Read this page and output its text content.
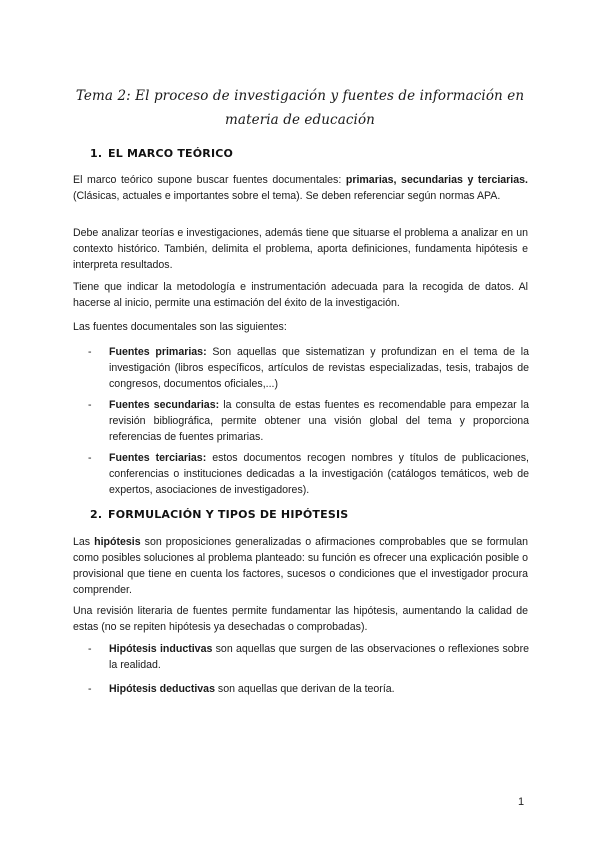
Tema 2: El proceso de investigación y fuentes de información en materia de educación
1. EL MARCO TEÓRICO
El marco teórico supone buscar fuentes documentales: primarias, secundarias y terciarias. (Clásicas, actuales e importantes sobre el tema). Se deben referenciar según normas APA.
Debe analizar teorías e investigaciones, además tiene que situarse el problema a analizar en un contexto histórico. También, delimita el problema, aporta definiciones, fundamenta hipótesis e interpreta resultados.
Tiene que indicar la metodología e instrumentación adecuada para la recogida de datos. Al hacerse al inicio, permite una estimación del éxito de la investigación.
Las fuentes documentales son las siguientes:
- Fuentes primarias: Son aquellas que sistematizan y profundizan en el tema de la investigación (libros específicos, artículos de revistas especializadas, tesis, trabajos de congresos, documentos oficiales,...)
- Fuentes secundarias: la consulta de estas fuentes es recomendable para empezar la revisión bibliográfica, permite obtener una visión global del tema y proporciona referencias de fuentes primarias.
- Fuentes terciarias: estos documentos recogen nombres y títulos de publicaciones, conferencias o instituciones dedicadas a la investigación (catálogos temáticos, web de expertos, asociaciones de investigadores).
2. FORMULACIÓN Y TIPOS DE HIPÓTESIS
Las hipótesis son proposiciones generalizadas o afirmaciones comprobables que se formulan como posibles soluciones al problema planteado: su función es ofrecer una explicación posible o provisional que tiene en cuenta los factores, sucesos o condiciones que el investigador procura comprender.
Una revisión literaria de fuentes permite fundamentar las hipótesis, aumentando la calidad de estas (no se repiten hipótesis ya desechadas o comprobadas).
- Hipótesis inductivas son aquellas que surgen de las observaciones o reflexiones sobre la realidad.
- Hipótesis deductivas son aquellas que derivan de la teoría.
1
